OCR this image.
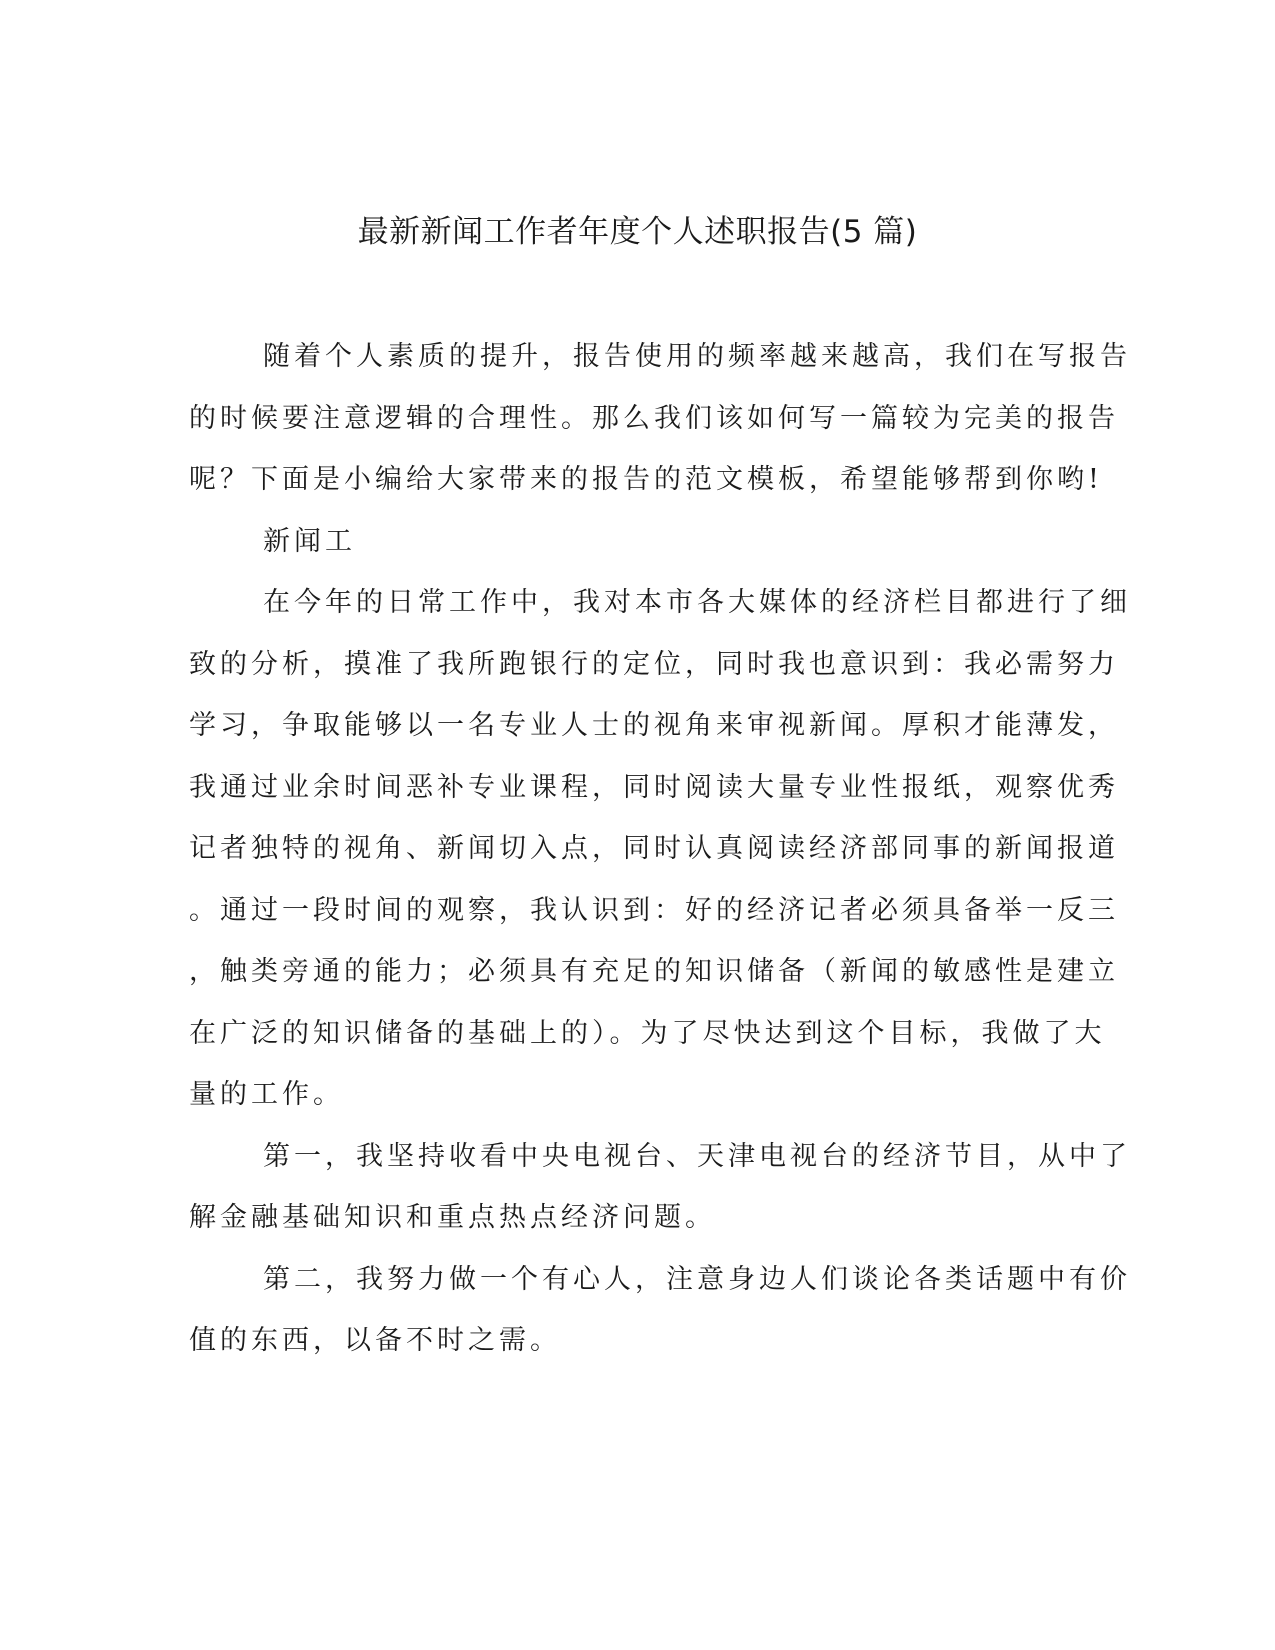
最新新闻工作者年度个人述职报告(5 篇)

随着个人素质的提升，报告使用的频率越来越高，我们在写报告
的时候要注意逻辑的合理性。那么我们该如何写一篇较为完美的报告
呢？下面是小编给大家带来的报告的范文模板，希望能够帮到你哟!

新闻工

在今年的日常工作中，我对本市各大媒体的经济栏目都进行了细
致的分析，摸准了我所跑银行的定位，同时我也意识到：我必需努力
学习，争取能够以一名专业人士的视角来审视新闻。厚积才能薄发，
我通过业余时间恶补专业课程，同时阅读大量专业性报纸，观察优秀
记者独特的视角、新闻切入点，同时认真阅读经济部同事的新闻报道
。通过一段时间的观察，我认识到：好的经济记者必须具备举一反三
，触类旁通的能力；必须具有充足的知识储备（新闻的敏感性是建立
在广泛的知识储备的基础上的）。为了尽快达到这个目标，我做了大
量的工作。

第一，我坚持收看中央电视台、天津电视台的经济节目，从中了
解金融基础知识和重点热点经济问题。

第二，我努力做一个有心人，注意身边人们谈论各类话题中有价
值的东西，以备不时之需。
